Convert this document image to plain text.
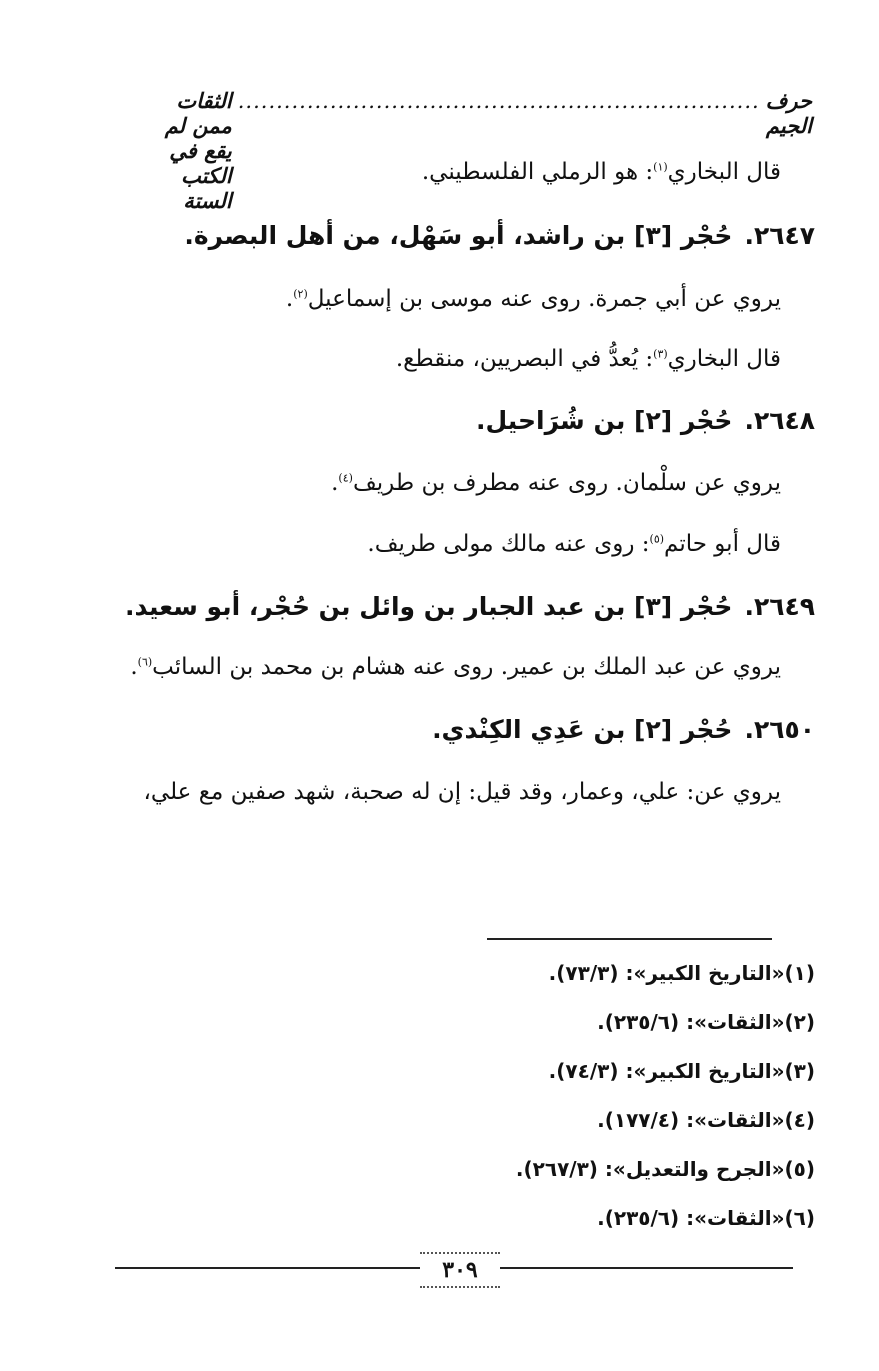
حرف الجيم
....................................................................
الثقات ممن لم يقع في الكتب الستة
قال البخاري$^{(١)}$: هو الرملي الفلسطيني.
٢٦٤٧.حُجْر [٣] بن راشد، أبو سَهْل، من أهل البصرة.
يروي عن أبي جمرة. روى عنه موسى بن إسماعيل$^{(٢)}$.
قال البخاري$^{(٣)}$: يُعدُّ في البصريين، منقطع.
٢٦٤٨.حُجْر [٢] بن شُرَاحيل.
يروي عن سلْمان. روى عنه مطرف بن طريف$^{(٤)}$.
قال أبو حاتم$^{(٥)}$: روى عنه مالك مولى طريف.
٢٦٤٩.حُجْر [٣] بن عبد الجبار بن وائل بن حُجْر، أبو سعيد.
يروي عن عبد الملك بن عمير. روى عنه هشام بن محمد بن السائب$^{(٦)}$.
٢٦٥٠.حُجْر [٢] بن عَدِي الكِنْدي.
يروي عن: علي، وعمار، وقد قيل: إن له صحبة، شهد صفين مع علي،
(١)«التاريخ الكبير»: (٧٣/٣).
(٢)«الثقات»: (٢٣٥/٦).
(٣)«التاريخ الكبير»: (٧٤/٣).
(٤)«الثقات»: (١٧٧/٤).
(٥)«الجرح والتعديل»: (٢٦٧/٣).
(٦)«الثقات»: (٢٣٥/٦).
٣٠٩
